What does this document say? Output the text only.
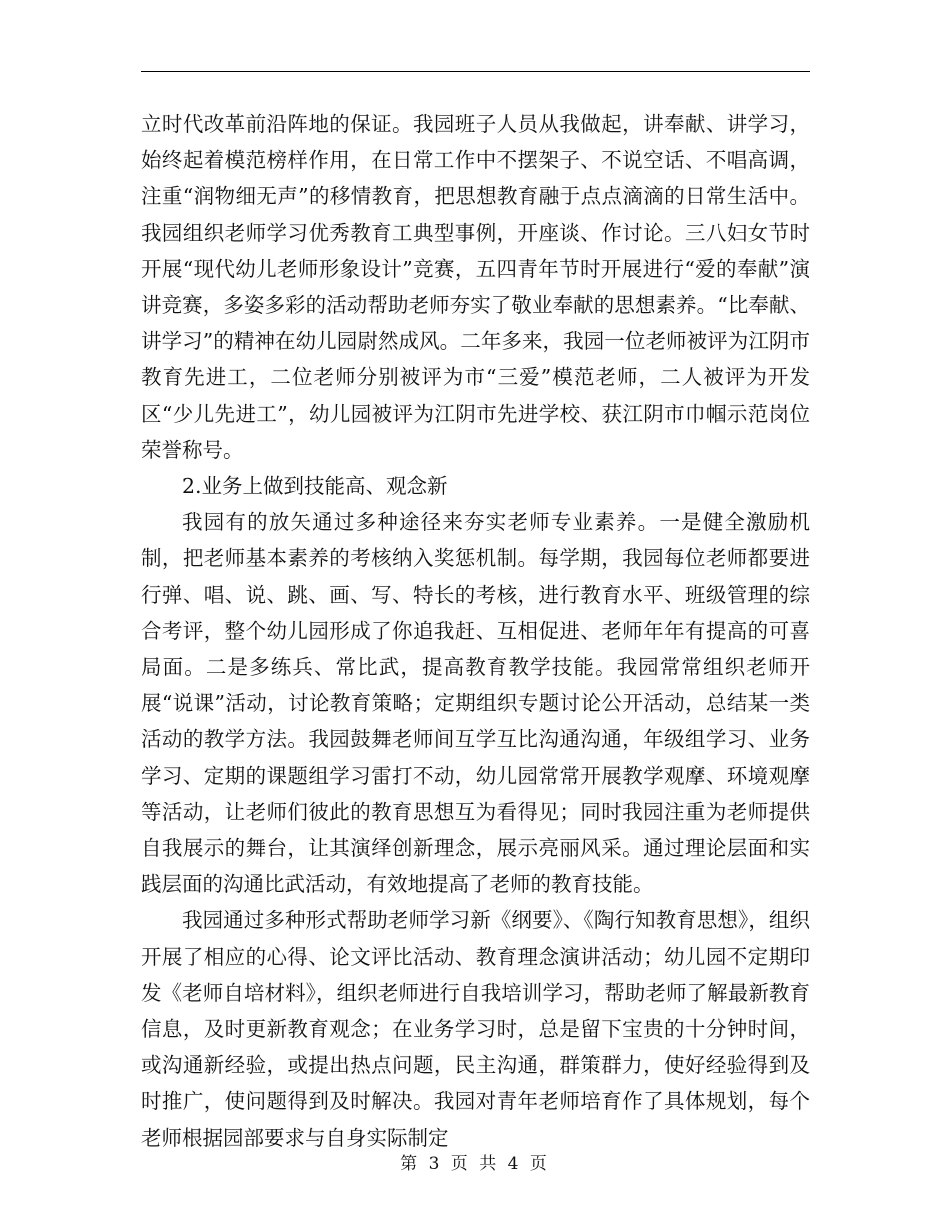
立时代改革前沿阵地的保证。我园班子人员从我做起，讲奉献、讲学习，始终起着模范榜样作用，在日常工作中不摆架子、不说空话、不唱高调，注重“润物细无声”的移情教育，把思想教育融于点点滴滴的日常生活中。我园组织老师学习优秀教育工典型事例，开座谈、作讨论。三八妇女节时开展“现代幼儿老师形象设计”竞赛，五四青年节时开展进行“爱的奉献”演讲竞赛，多姿多彩的活动帮助老师夯实了敬业奉献的思想素养。“比奉献、讲学习”的精神在幼儿园尉然成风。二年多来，我园一位老师被评为江阴市教育先进工，二位老师分别被评为市“三爱”模范老师，二人被评为开发区“少儿先进工”，幼儿园被评为江阴市先进学校、获江阴市巾帼示范岗位荣誉称号。

2.业务上做到技能高、观念新

我园有的放矢通过多种途径来夯实老师专业素养。一是健全激励机制，把老师基本素养的考核纳入奖惩机制。每学期，我园每位老师都要进行弹、唱、说、跳、画、写、特长的考核，进行教育水平、班级管理的综合考评，整个幼儿园形成了你追我赶、互相促进、老师年年有提高的可喜局面。二是多练兵、常比武，提高教育教学技能。我园常常组织老师开展“说课”活动，讨论教育策略；定期组织专题讨论公开活动，总结某一类活动的教学方法。我园鼓舞老师间互学互比沟通沟通，年级组学习、业务学习、定期的课题组学习雷打不动，幼儿园常常开展教学观摩、环境观摩等活动，让老师们彼此的教育思想互为看得见；同时我园注重为老师提供自我展示的舞台，让其演绎创新理念，展示亮丽风采。通过理论层面和实践层面的沟通比武活动，有效地提高了老师的教育技能。

我园通过多种形式帮助老师学习新《纲要》、《陶行知教育思想》，组织开展了相应的心得、论文评比活动、教育理念演讲活动；幼儿园不定期印发《老师自培材料》，组织老师进行自我培训学习，帮助老师了解最新教育信息，及时更新教育观念；在业务学习时，总是留下宝贵的十分钟时间，或沟通新经验，或提出热点问题，民主沟通，群策群力，使好经验得到及时推广，使问题得到及时解决。我园对青年老师培育作了具体规划，每个老师根据园部要求与自身实际制定

第 3 页 共 4 页
